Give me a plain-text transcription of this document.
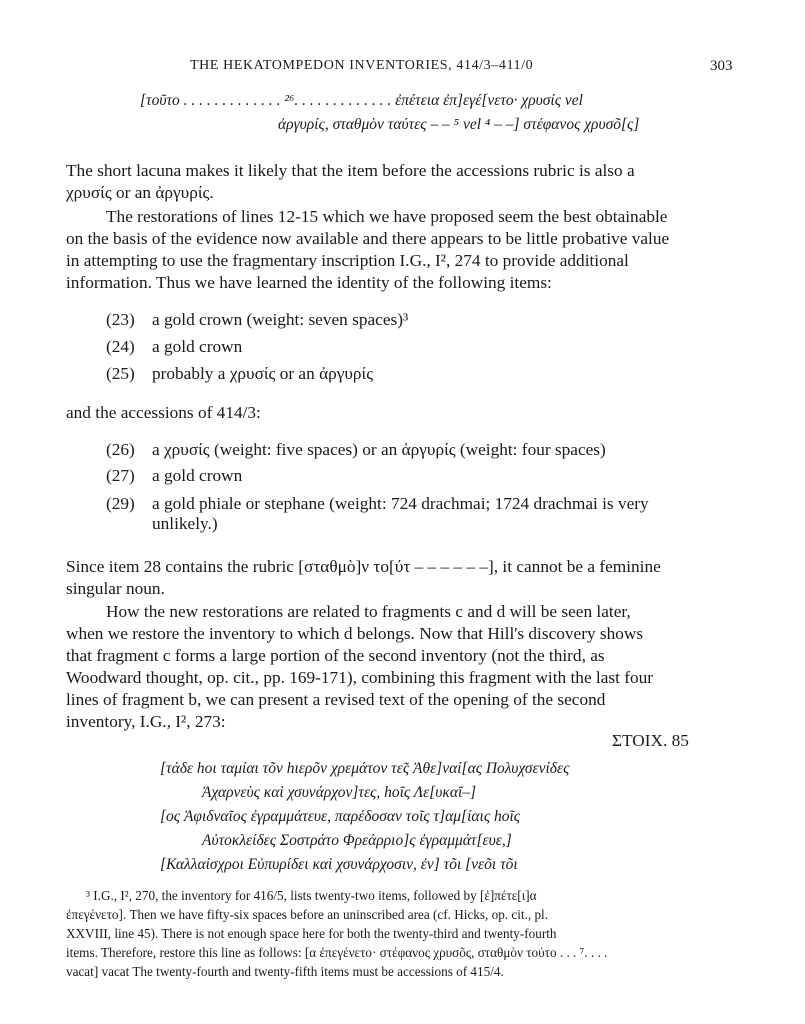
THE HEKATOMPEDON INVENTORIES, 414/3–411/0	303
[τοῦτο . . . . . . . . . . . . . ²⁶. . . . . . . . . . . . . ἐπέτεια ἐπ]εγέ[νετο· χρυσίς vel
ἀργυρίς, σταθμὸν ταύτες – – ⁵ vel ⁴ – –] στέφανος χρυσõ[ς]
The short lacuna makes it likely that the item before the accessions rubric is also a
χρυσίς or an ἀργυρίς.
The restorations of lines 12-15 which we have proposed seem the best obtainable
on the basis of the evidence now available and there appears to be little probative value
in attempting to use the fragmentary inscription I.G., I², 274 to provide additional
information. Thus we have learned the identity of the following items:
(23) a gold crown (weight: seven spaces)³
(24) a gold crown
(25) probably a χρυσίς or an ἀργυρίς
and the accessions of 414/3:
(26) a χρυσίς (weight: five spaces) or an ἀργυρίς (weight: four spaces)
(27) a gold crown
(29) a gold phiale or stephane (weight: 724 drachmai; 1724 drachmai is very
unlikely.)
Since item 28 contains the rubric [σταθμὸ]ν τo[ύτ – – – – – –], it cannot be a feminine
singular noun.
How the new restorations are related to fragments c and d will be seen later,
when we restore the inventory to which d belongs. Now that Hill's discovery shows
that fragment c forms a large portion of the second inventory (not the third, as
Woodward thought, op. cit., pp. 169-171), combining this fragment with the last four
lines of fragment b, we can present a revised text of the opening of the second
inventory, I.G., I², 273:
ΣΤΟΙΧ. 85
[τάδε hοι ταμίαι τõν hιερõν χρεμάτον τε̃ς Ἀθε]ναί[ας Πολυχσενίδες
Ἀχαρνεὺς καὶ χσυνάρχον]τες, hοῖς Λε[υκαῖ–]
[ος Ἀφιδναῖος ἐγραμμάτευε, παρέδοσαν τοῖς τ]αμ[ίαις hοῖς
Αὐτοκλείδες Σοστράτο Φρεάρριο]ς ἐγραμμάτ[ευε,]
[Καλλαίσχροι Εὐπυρίδει καὶ χσυνάρχοσιν, ἐν] τõι [νεõι τõι
³ I.G., I², 270, the inventory for 416/5, lists twenty-two items, followed by [ἐ]πέτε[ι]α
ἐπεγένετο]. Then we have fifty-six spaces before an uninscribed area (cf. Hicks, op. cit., pl.
XXVIII, line 45). There is not enough space here for both the twenty-third and twenty-fourth
items. Therefore, restore this line as follows: [α ἐπεγένετο· στέφανος χρυσõς, σταθμὸν τούτο . . . ⁷. . . .
vacat] vacat The twenty-fourth and twenty-fifth items must be accessions of 415/4.
